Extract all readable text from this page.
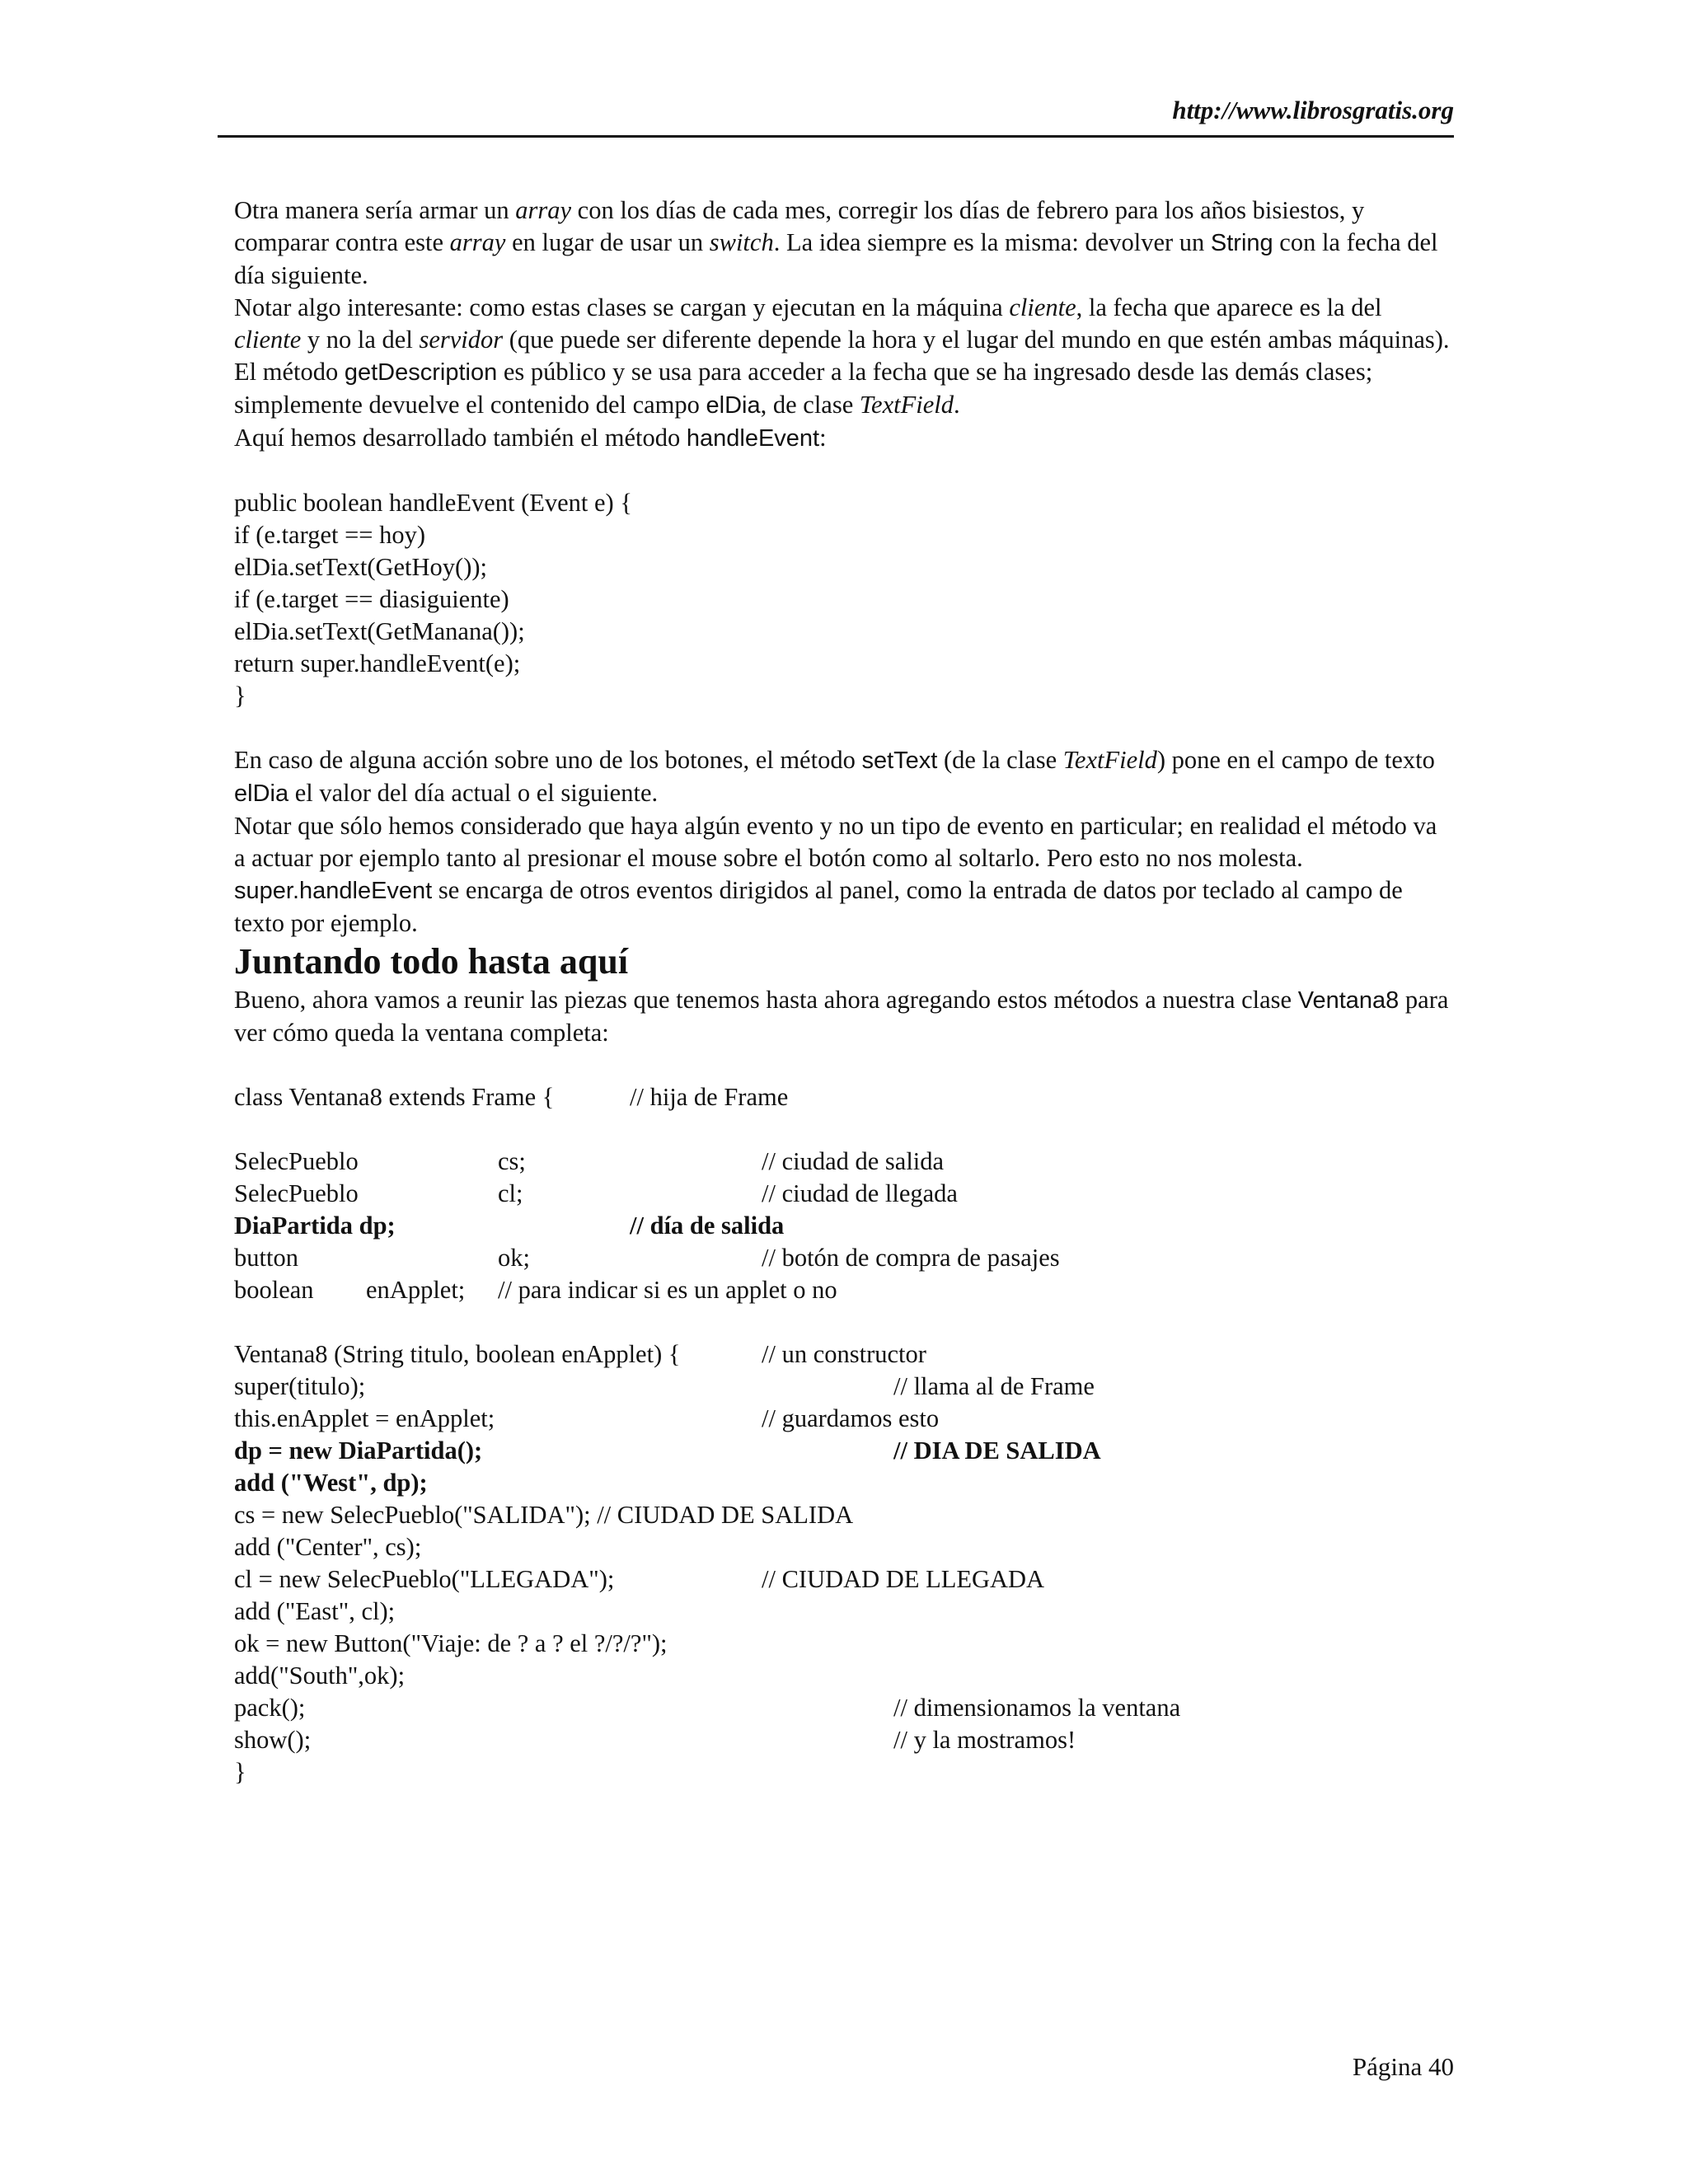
http://www.librosgratis.org

Otra manera sería armar un array con los días de cada mes, corregir los días de febrero para los años bisiestos, y comparar contra este array en lugar de usar un switch. La idea siempre es la misma: devolver un String con la fecha del día siguiente.

Notar algo interesante: como estas clases se cargan y ejecutan en la máquina cliente, la fecha que aparece es la del cliente y no la del servidor (que puede ser diferente depende la hora y el lugar del mundo en que estén ambas máquinas).

El método getDescription es público y se usa para acceder a la fecha que se ha ingresado desde las demás clases; simplemente devuelve el contenido del campo elDia, de clase TextField.

Aquí hemos desarrollado también el método handleEvent:

public boolean handleEvent (Event e) {

if (e.target == hoy)

elDia.setText(GetHoy());

if (e.target == diasiguiente)

elDia.setText(GetManana());

return super.handleEvent(e);

}

En caso de alguna acción sobre uno de los botones, el método setText (de la clase TextField) pone en el campo de texto elDia el valor del día actual o el siguiente.

Notar que sólo hemos considerado que haya algún evento y no un tipo de evento en particular; en realidad el método va a actuar por ejemplo tanto al presionar el mouse sobre el botón como al soltarlo. Pero esto no nos molesta.

super.handleEvent se encarga de otros eventos dirigidos al panel, como la entrada de datos por teclado al campo de texto por ejemplo.

Juntando todo hasta aquí

Bueno, ahora vamos a reunir las piezas que tenemos hasta ahora agregando estos métodos a nuestra clase Ventana8 para ver cómo queda la ventana completa:

class Ventana8 extends Frame {	// hija de Frame

SelecPueblo	cs;	// ciudad de salida

SelecPueblo	cl;	// ciudad de llegada

DiaPartida dp;	// día de salida

button	ok;	// botón de compra de pasajes

boolean	enApplet;	// para indicar si es un applet o no

Ventana8 (String titulo, boolean enApplet) {	// un constructor

super(titulo);	// llama al de Frame

this.enApplet = enApplet;	// guardamos esto

dp = new DiaPartida();	// DIA DE SALIDA

add ("West", dp);

cs = new SelecPueblo("SALIDA"); // CIUDAD DE SALIDA

add ("Center", cs);

cl = new SelecPueblo("LLEGADA");	// CIUDAD DE LLEGADA

add ("East", cl);

ok = new Button("Viaje: de ? a ? el ?/?/?");

add("South",ok);

pack();	// dimensionamos la ventana

show();	// y la mostramos!

}

Página 40
